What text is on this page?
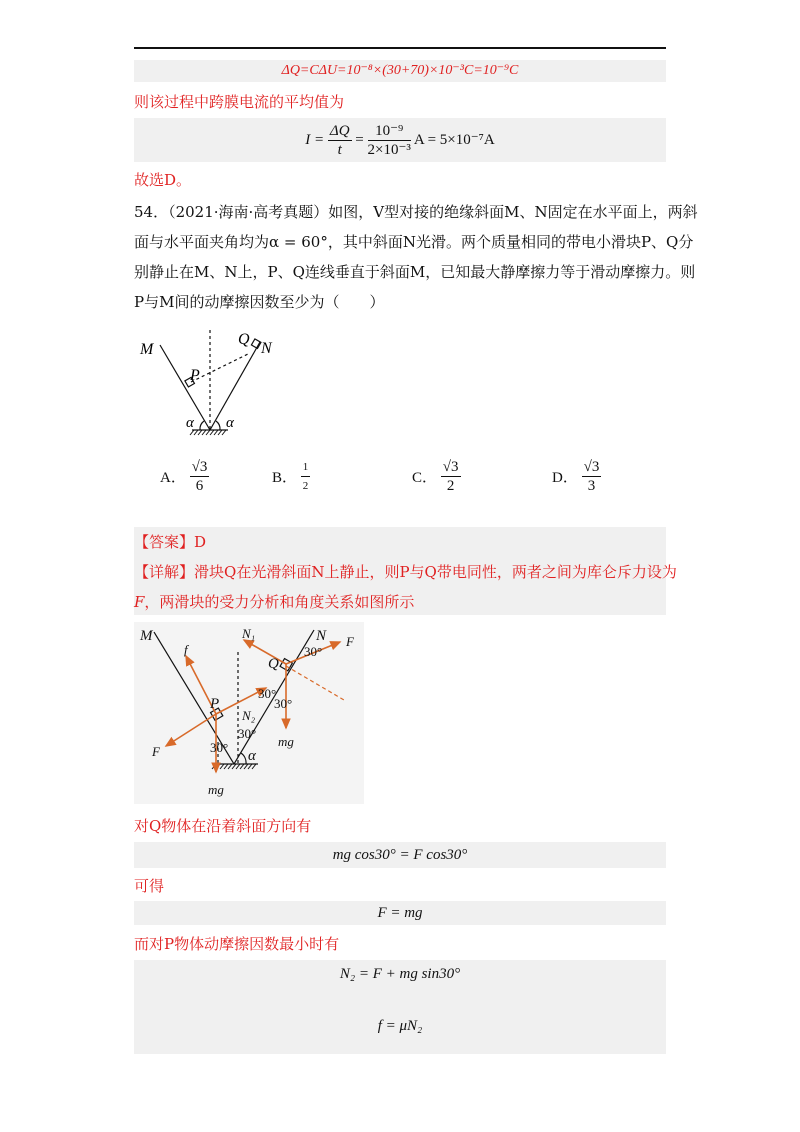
ΔQ=CΔU=10⁻⁸×(30+70)×10⁻³C=10⁻⁹C
则该过程中跨膜电流的平均值为
$I = \frac{\Delta Q}{t} = \frac{\text{10⁻⁹}}{\text{2×10⁻³}}$ A = 5×10⁻⁷A
故选D。
54．（2021·海南·高考真题）如图，V型对接的绝缘斜面M、N固定在水平面上，两斜
面与水平面夹角均为α = 60°，其中斜面N光滑。两个质量相同的带电小滑块P、Q分
别静止在M、N上，P、Q连线垂直于斜面M，已知最大静摩擦力等于滑动摩擦力。则
P与M间的动摩擦因数至少为（　　）
M	N
Q
P
α α
A． $\frac{√3}{6}$	B． $\frac{1}{2}$	C． $\frac{√3}{2}$	D． $\frac{√3}{3}$
【答案】D
【详解】滑块Q在光滑斜面N上静止，则P与Q带电同性，两者之间为库仑斥力设为
F，两滑块的受力分析和角度关系如图所示
M	N
N₁
N₂
f
F
F
P
Q
30°
30°
30°
30°
30°
mg
mg
α
对Q物体在沿着斜面方向有
mg cos30° = F cos30°
可得
F = mg
而对P物体动摩擦因数最小时有
N₂ = F + mg sin30°
f = μN₂
